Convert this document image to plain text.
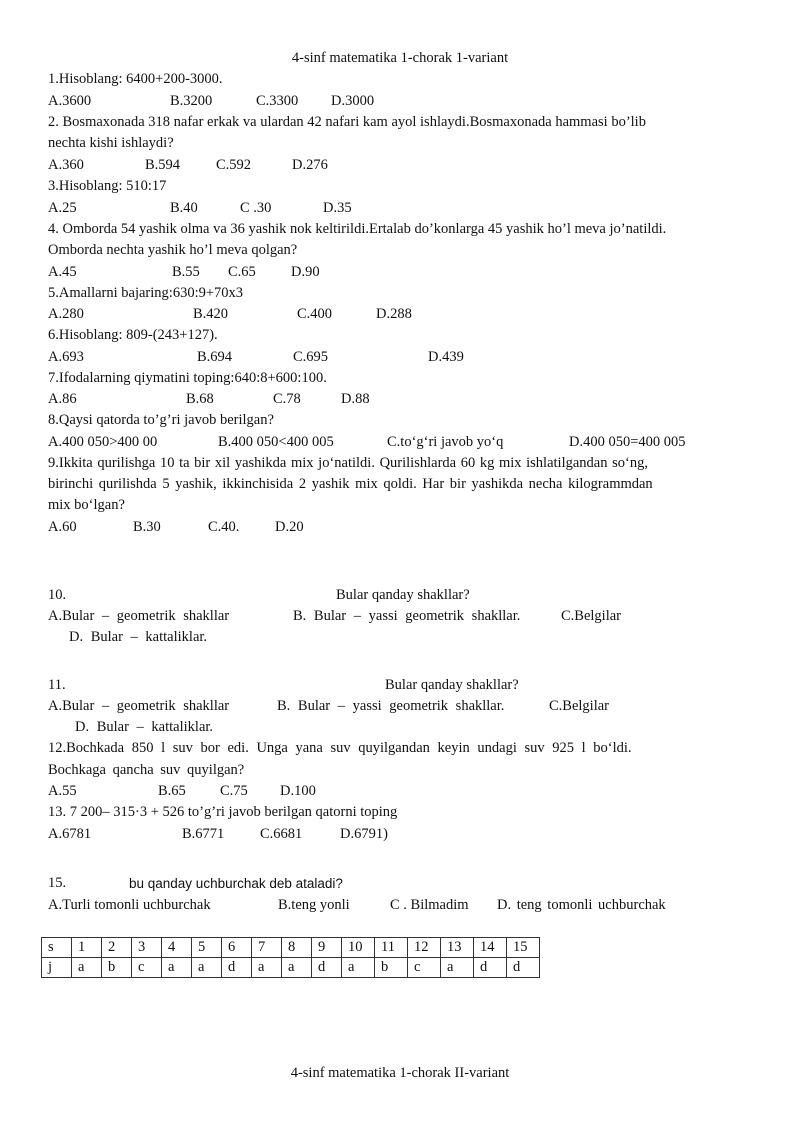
4-sinf matematika 1-chorak 1-variant
1.Hisoblang: 6400+200-3000.
A.3600	B.3200	C.3300 D.3000
2. Bosmaxonada 318 nafar erkak va ulardan 42 nafari kam ayol ishlaydi.Bosmaxonada hammasi bo’lib
nechta kishi ishlaydi?
A.360	B.594 C.592	D.276
3.Hisoblang: 510:17
A.25	B.40	C .30	D.35
4. Omborda 54 yashik olma va 36 yashik nok keltirildi.Ertalab do’konlarga 45 yashik ho’l meva jo’natildi.
Omborda nechta yashik ho’l meva qolgan?
A.45	B.55 C.65 D.90
5.Amallarni bajaring:630:9+70x3
A.280	B.420	C.400	D.288
6.Hisoblang: 809-(243+127).
A.693	B.694	C.695	D.439
7.Ifodalarning qiymatini toping:640:8+600:100.
A.86	B.68	C.78	D.88
8.Qaysi qatorda to’g’ri javob berilgan?
A.400 050>400 00	B.400 050<400 005	C.to‘g‘ri javob yo‘q	D.400 050=400 005
9.Ikkita qurilishga 10 ta bir xil yashikda mix jo‘natildi. Qurilishlarda 60 kg mix ishlatilgandan so‘ng,
birinchi qurilishda 5 yashik, ikkinchisida 2 yashik mix qoldi. Har bir yashikda necha kilogrammdan
mix bo‘lgan?
A.60	B.30	C.40. D.20
10.	Bular qanday shakllar?
A.Bular – geometrik shakllar	B. Bular – yassi geometrik shakllar.	C.Belgilar
D. Bular – kattaliklar.
11.	Bular qanday shakllar?
A.Bular – geometrik shakllar	B. Bular – yassi geometrik shakllar.	C.Belgilar
D. Bular – kattaliklar.
12.Bochkada 850 l suv bor edi. Unga yana suv quyilgandan keyin undagi suv 925 l bo‘ldi.
Bochkaga qancha suv quyilgan?
A.55	B.65 C.75 D.100
13. 7 200– 315·3 + 526 to’g’ri javob berilgan qatorni toping
A.6781	B.6771 C.6681	D.6791)
15.	bu qanday uchburchak deb ataladi?
A.Turli tomonli uchburchak	B.teng yonli	C . Bilmadim D. teng tomonli uchburchak
s	1	2	3	4	5	6	7	8	9	10	11	12	13	14	15
j	a	b	c	a	a	d	a	a	d	a	b	c	a	d	d
4-sinf matematika 1-chorak II-variant
